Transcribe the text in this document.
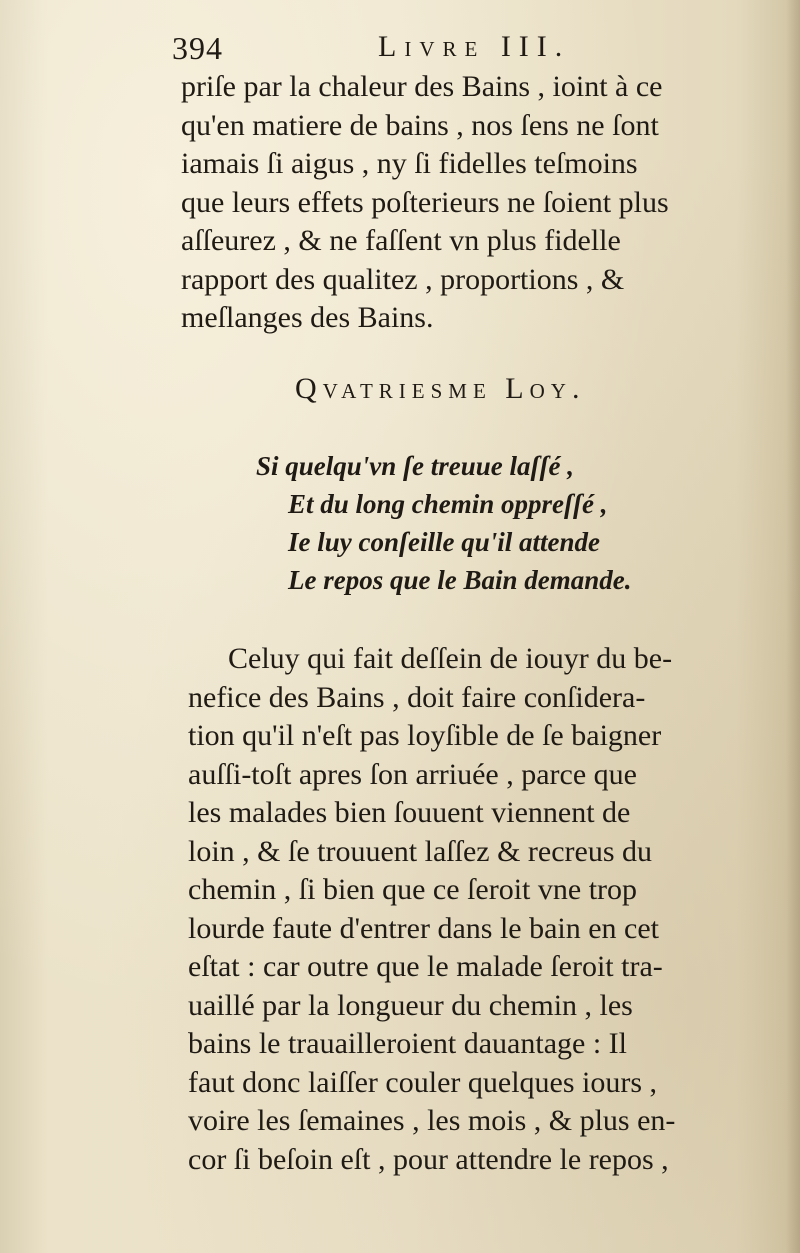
394	Livre III.
priſe par la chaleur des Bains , ioint à ce
qu'en matiere de bains , nos ſens ne ſont
iamais ſi aigus , ny ſi fidelles teſmoins
que leurs effets poſterieurs ne ſoient plus
aſſeurez , & ne faſſent vn plus fidelle
rapport des qualitez , proportions , &
meſlanges des Bains.
Qvatriesme Loy.
Si quelqu'vn ſe treuue laſſé ,
Et du long chemin oppreſſé ,
Ie luy conſeille qu'il attende
Le repos que le Bain demande.
Celuy qui fait deſſein de iouyr du be-
nefice des Bains , doit faire conſidera-
tion qu'il n'eſt pas loyſible de ſe baigner
auſſi-toſt apres ſon arriuée , parce que
les malades bien ſouuent viennent de
loin , & ſe trouuent laſſez & recreus du
chemin , ſi bien que ce ſeroit vne trop
lourde faute d'entrer dans le bain en cet
eſtat : car outre que le malade ſeroit tra-
uaillé par la longueur du chemin , les
bains le trauailleroient dauantage : Il
faut donc laiſſer couler quelques iours ,
voire les ſemaines , les mois , & plus en-
cor ſi beſoin eſt , pour attendre le repos ,
